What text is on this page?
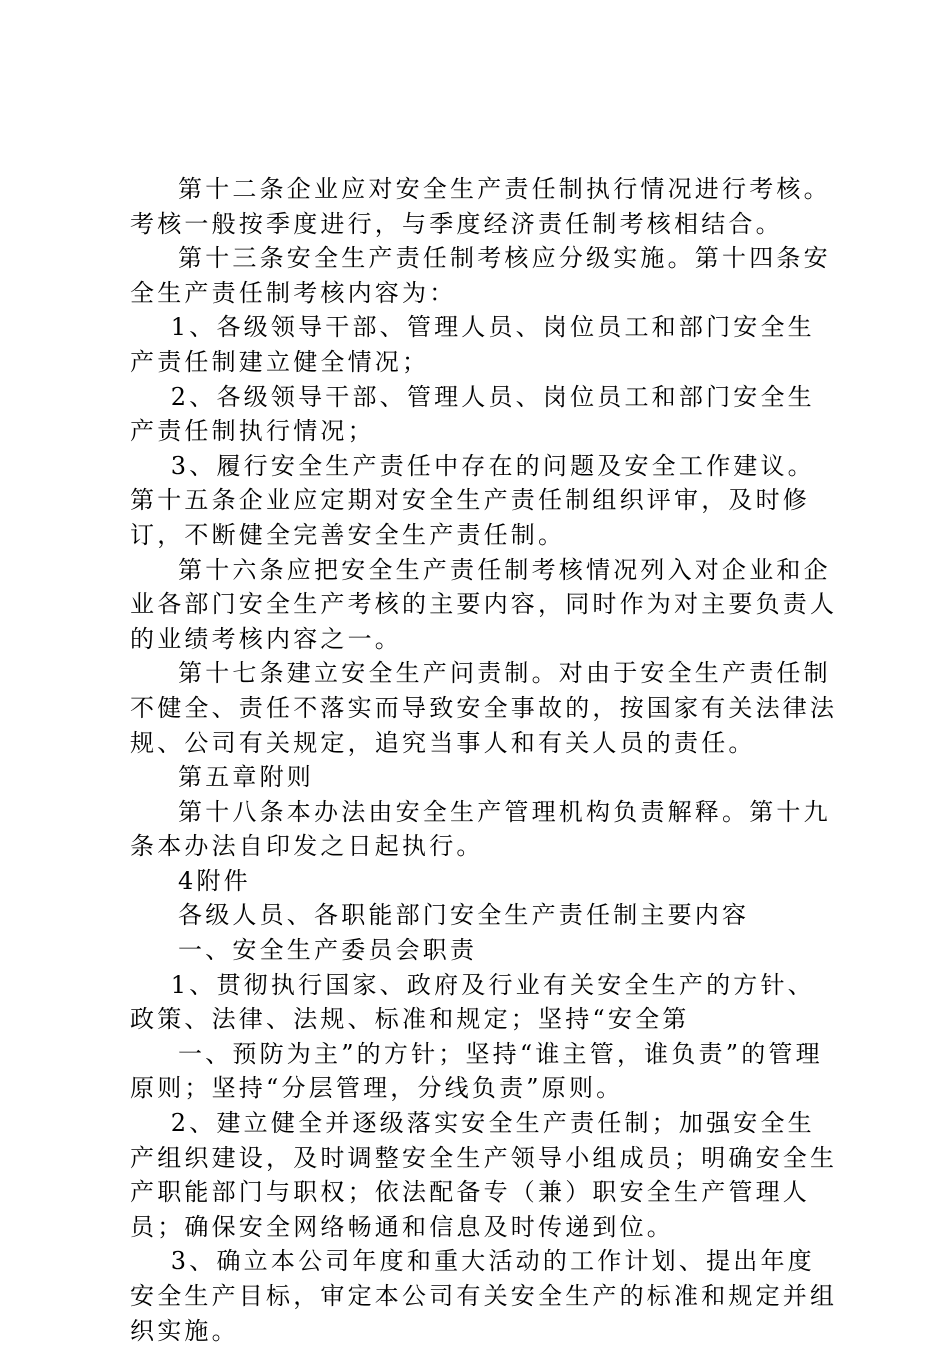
第十二条企业应对安全生产责任制执行情况进行考核。考核一般按季度进行，与季度经济责任制考核相结合。

第十三条安全生产责任制考核应分级实施。第十四条安全生产责任制考核内容为：

1、各级领导干部、管理人员、岗位员工和部门安全生产责任制建立健全情况；

2、各级领导干部、管理人员、岗位员工和部门安全生产责任制执行情况；

3、履行安全生产责任中存在的问题及安全工作建议。第十五条企业应定期对安全生产责任制组织评审，及时修订，不断健全完善安全生产责任制。

第十六条应把安全生产责任制考核情况列入对企业和企业各部门安全生产考核的主要内容，同时作为对主要负责人的业绩考核内容之一。

第十七条建立安全生产问责制。对由于安全生产责任制不健全、责任不落实而导致安全事故的，按国家有关法律法规、公司有关规定，追究当事人和有关人员的责任。

第五章附则

第十八条本办法由安全生产管理机构负责解释。第十九条本办法自印发之日起执行。

4附件

各级人员、各职能部门安全生产责任制主要内容

一、安全生产委员会职责

1、贯彻执行国家、政府及行业有关安全生产的方针、政策、法律、法规、标准和规定；坚持“安全第

一、预防为主”的方针；坚持“谁主管，谁负责”的管理原则；坚持“分层管理，分线负责”原则。

2、建立健全并逐级落实安全生产责任制；加强安全生产组织建设，及时调整安全生产领导小组成员；明确安全生产职能部门与职权；依法配备专（兼）职安全生产管理人员；确保安全网络畅通和信息及时传递到位。

3、确立本公司年度和重大活动的工作计划、提出年度安全生产目标，审定本公司有关安全生产的标准和规定并组织实施。
